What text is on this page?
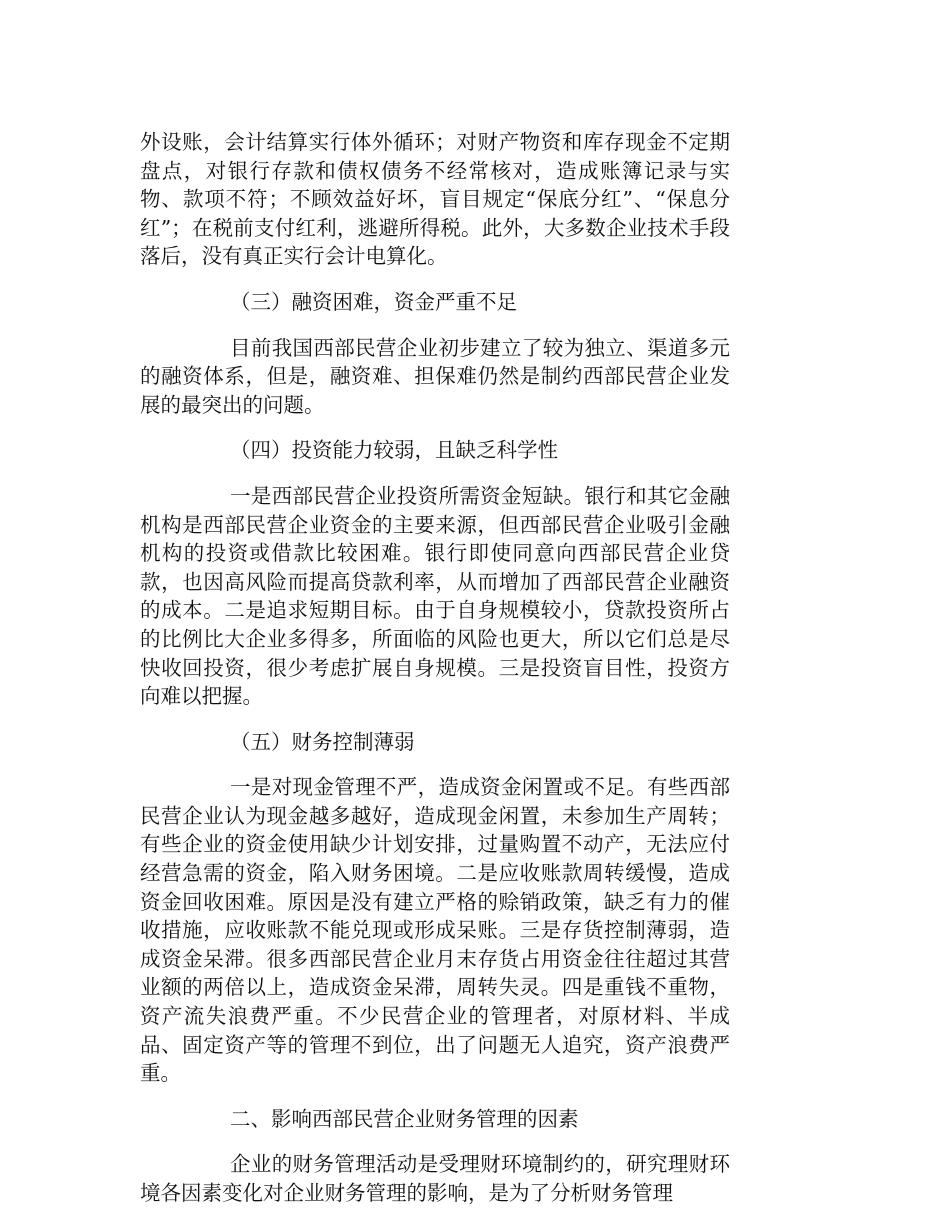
外设账，会计结算实行体外循环；对财产物资和库存现金不定期盘点，对银行存款和债权债务不经常核对，造成账簿记录与实物、款项不符；不顾效益好坏，盲目规定“保底分红”、“保息分红”；在税前支付红利，逃避所得税。此外，大多数企业技术手段落后，没有真正实行会计电算化。

（三）融资困难，资金严重不足

目前我国西部民营企业初步建立了较为独立、渠道多元的融资体系，但是，融资难、担保难仍然是制约西部民营企业发展的最突出的问题。

（四）投资能力较弱，且缺乏科学性

一是西部民营企业投资所需资金短缺。银行和其它金融机构是西部民营企业资金的主要来源，但西部民营企业吸引金融机构的投资或借款比较困难。银行即使同意向西部民营企业贷款，也因高风险而提高贷款利率，从而增加了西部民营企业融资的成本。二是追求短期目标。由于自身规模较小，贷款投资所占的比例比大企业多得多，所面临的风险也更大，所以它们总是尽快收回投资，很少考虑扩展自身规模。三是投资盲目性，投资方向难以把握。

（五）财务控制薄弱

一是对现金管理不严，造成资金闲置或不足。有些西部民营企业认为现金越多越好，造成现金闲置，未参加生产周转；有些企业的资金使用缺少计划安排，过量购置不动产，无法应付经营急需的资金，陷入财务困境。二是应收账款周转缓慢，造成资金回收困难。原因是没有建立严格的赊销政策，缺乏有力的催收措施，应收账款不能兑现或形成呆账。三是存货控制薄弱，造成资金呆滞。很多西部民营企业月末存货占用资金往往超过其营业额的两倍以上，造成资金呆滞，周转失灵。四是重钱不重物，资产流失浪费严重。不少民营企业的管理者，对原材料、半成品、固定资产等的管理不到位，出了问题无人追究，资产浪费严重。

二、影响西部民营企业财务管理的因素

企业的财务管理活动是受理财环境制约的，研究理财环境各因素变化对企业财务管理的影响，是为了分析财务管理
